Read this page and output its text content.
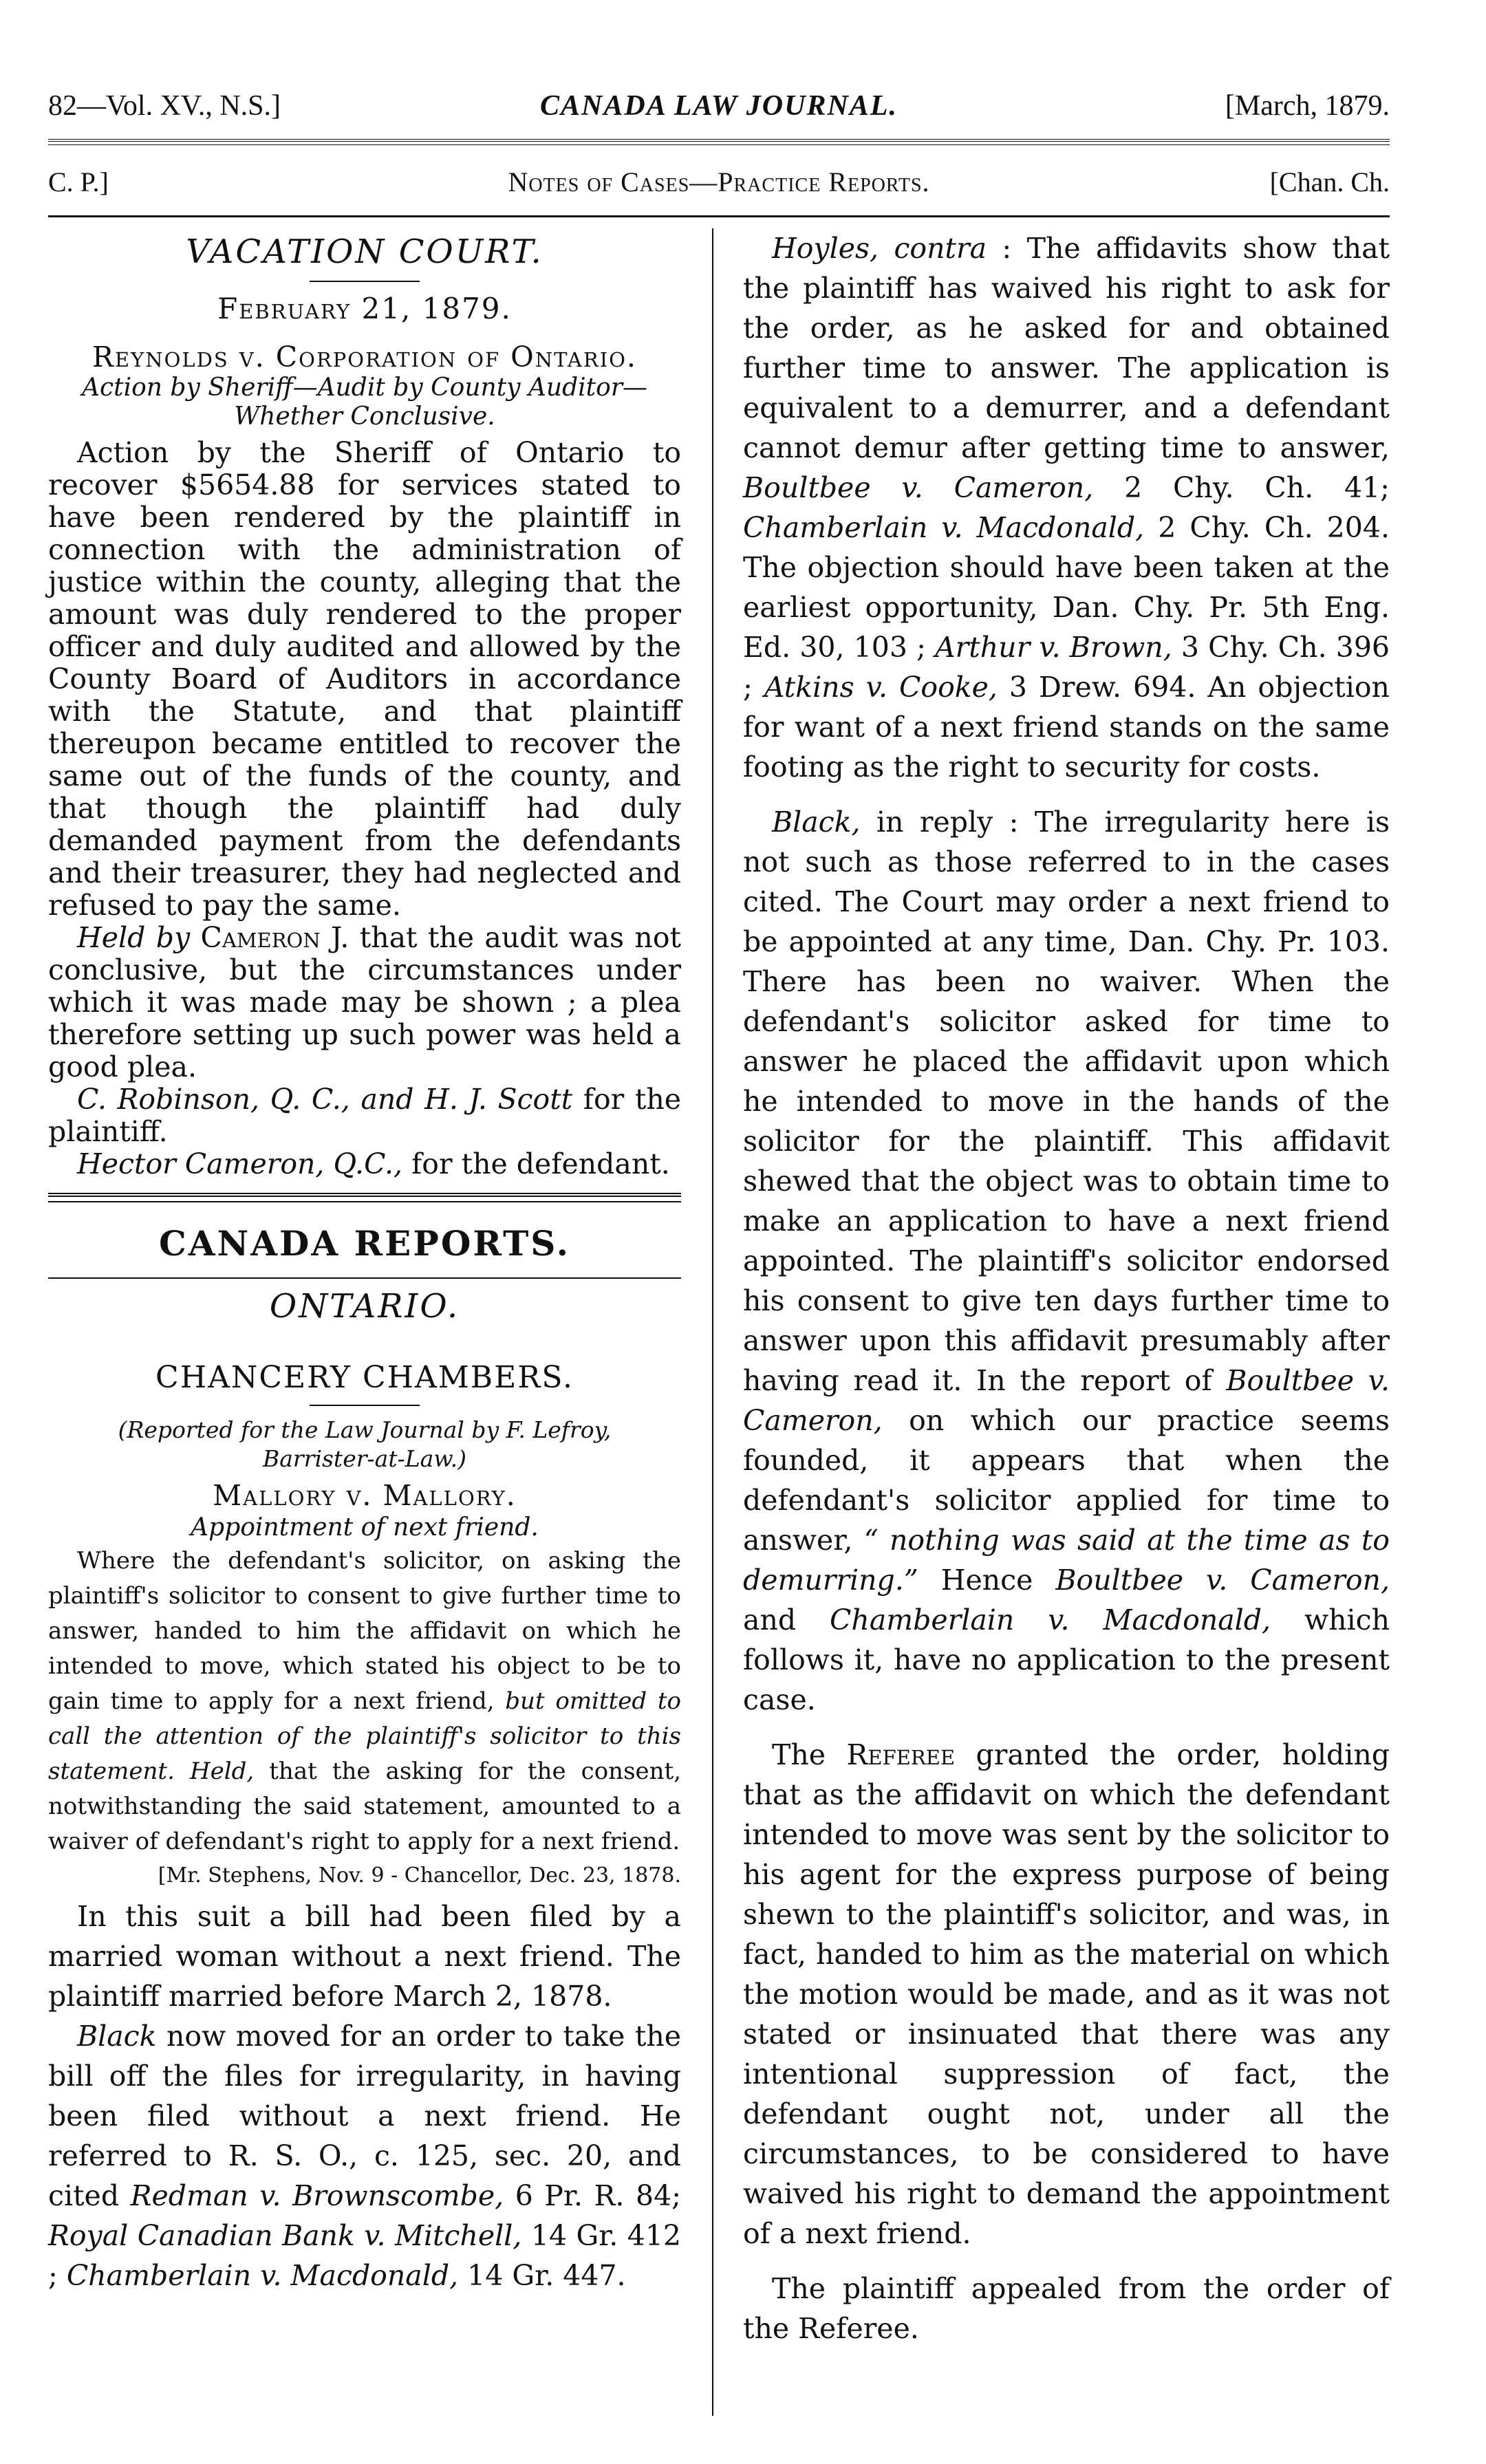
82—Vol. XV., N.S.]	CANADA LAW JOURNAL.	[March, 1879.
C. P.]	Notes of Cases—Practice Reports.	[Chan. Ch.
VACATION COURT.
February 21, 1879.
Reynolds v. Corporation of Ontario.

Action by Sheriff—Audit by County Auditor—Whether Conclusive.

Action by the Sheriff of Ontario to recover $5654.88 for services stated to have been rendered by the plaintiff in connection with the administration of justice within the county, alleging that the amount was duly rendered to the proper officer and duly audited and allowed by the County Board of Auditors in accordance with the Statute, and that plaintiff thereupon became entitled to recover the same out of the funds of the county, and that though the plaintiff had duly demanded payment from the defendants and their treasurer, they had neglected and refused to pay the same.

Held by Cameron J. that the audit was not conclusive, but the circumstances under which it was made may be shown ; a plea therefore setting up such power was held a good plea.

C. Robinson, Q. C., and H. J. Scott for the plaintiff.

Hector Cameron, Q.C., for the defendant.

CANADA REPORTS.
ONTARIO.
CHANCERY CHAMBERS.

(Reported for the Law Journal by F. Lefroy, Barrister-at-Law.)

Mallory v. Mallory.

Appointment of next friend.

Where the defendant's solicitor, on asking the plaintiff's solicitor to consent to give further time to answer, handed to him the affidavit on which he intended to move, which stated his object to be to gain time to apply for a next friend, but omitted to call the attention of the plaintiff's solicitor to this statement. Held, that the asking for the consent, notwithstanding the said statement, amounted to a waiver of defendant's right to apply for a next friend.

[Mr. Stephens, Nov. 9 - Chancellor, Dec. 23, 1878.

In this suit a bill had been filed by a married woman without a next friend. The plaintiff married before March 2, 1878.

Black now moved for an order to take the bill off the files for irregularity, in having been filed without a next friend. He referred to R. S. O., c. 125, sec. 20, and cited Redman v. Brownscombe, 6 Pr. R. 84; Royal Canadian Bank v. Mitchell, 14 Gr. 412 ; Chamberlain v. Macdonald, 14 Gr. 447.

Hoyles, contra : The affidavits show that the plaintiff has waived his right to ask for the order, as he asked for and obtained further time to answer. The application is equivalent to a demurrer, and a defendant cannot demur after getting time to answer, Boultbee v. Cameron, 2 Chy. Ch. 41; Chamberlain v. Macdonald, 2 Chy. Ch. 204. The objection should have been taken at the earliest opportunity, Dan. Chy. Pr. 5th Eng. Ed. 30, 103 ; Arthur v. Brown, 3 Chy. Ch. 396 ; Atkins v. Cooke, 3 Drew. 694. An objection for want of a next friend stands on the same footing as the right to security for costs.

Black, in reply : The irregularity here is not such as those referred to in the cases cited. The Court may order a next friend to be appointed at any time, Dan. Chy. Pr. 103. There has been no waiver. When the defendant's solicitor asked for time to answer he placed the affidavit upon which he intended to move in the hands of the solicitor for the plaintiff. This affidavit shewed that the object was to obtain time to make an application to have a next friend appointed. The plaintiff's solicitor endorsed his consent to give ten days further time to answer upon this affidavit presumably after having read it. In the report of Boultbee v. Cameron, on which our practice seems founded, it appears that when the defendant's solicitor applied for time to answer, “ nothing was said at the time as to demurring.” Hence Boultbee v. Cameron, and Chamberlain v. Macdonald, which follows it, have no application to the present case.

The Referee granted the order, holding that as the affidavit on which the defendant intended to move was sent by the solicitor to his agent for the express purpose of being shewn to the plaintiff's solicitor, and was, in fact, handed to him as the material on which the motion would be made, and as it was not stated or insinuated that there was any intentional suppression of fact, the defendant ought not, under all the circumstances, to be considered to have waived his right to demand the appointment of a next friend.

The plaintiff appealed from the order of the Referee.
